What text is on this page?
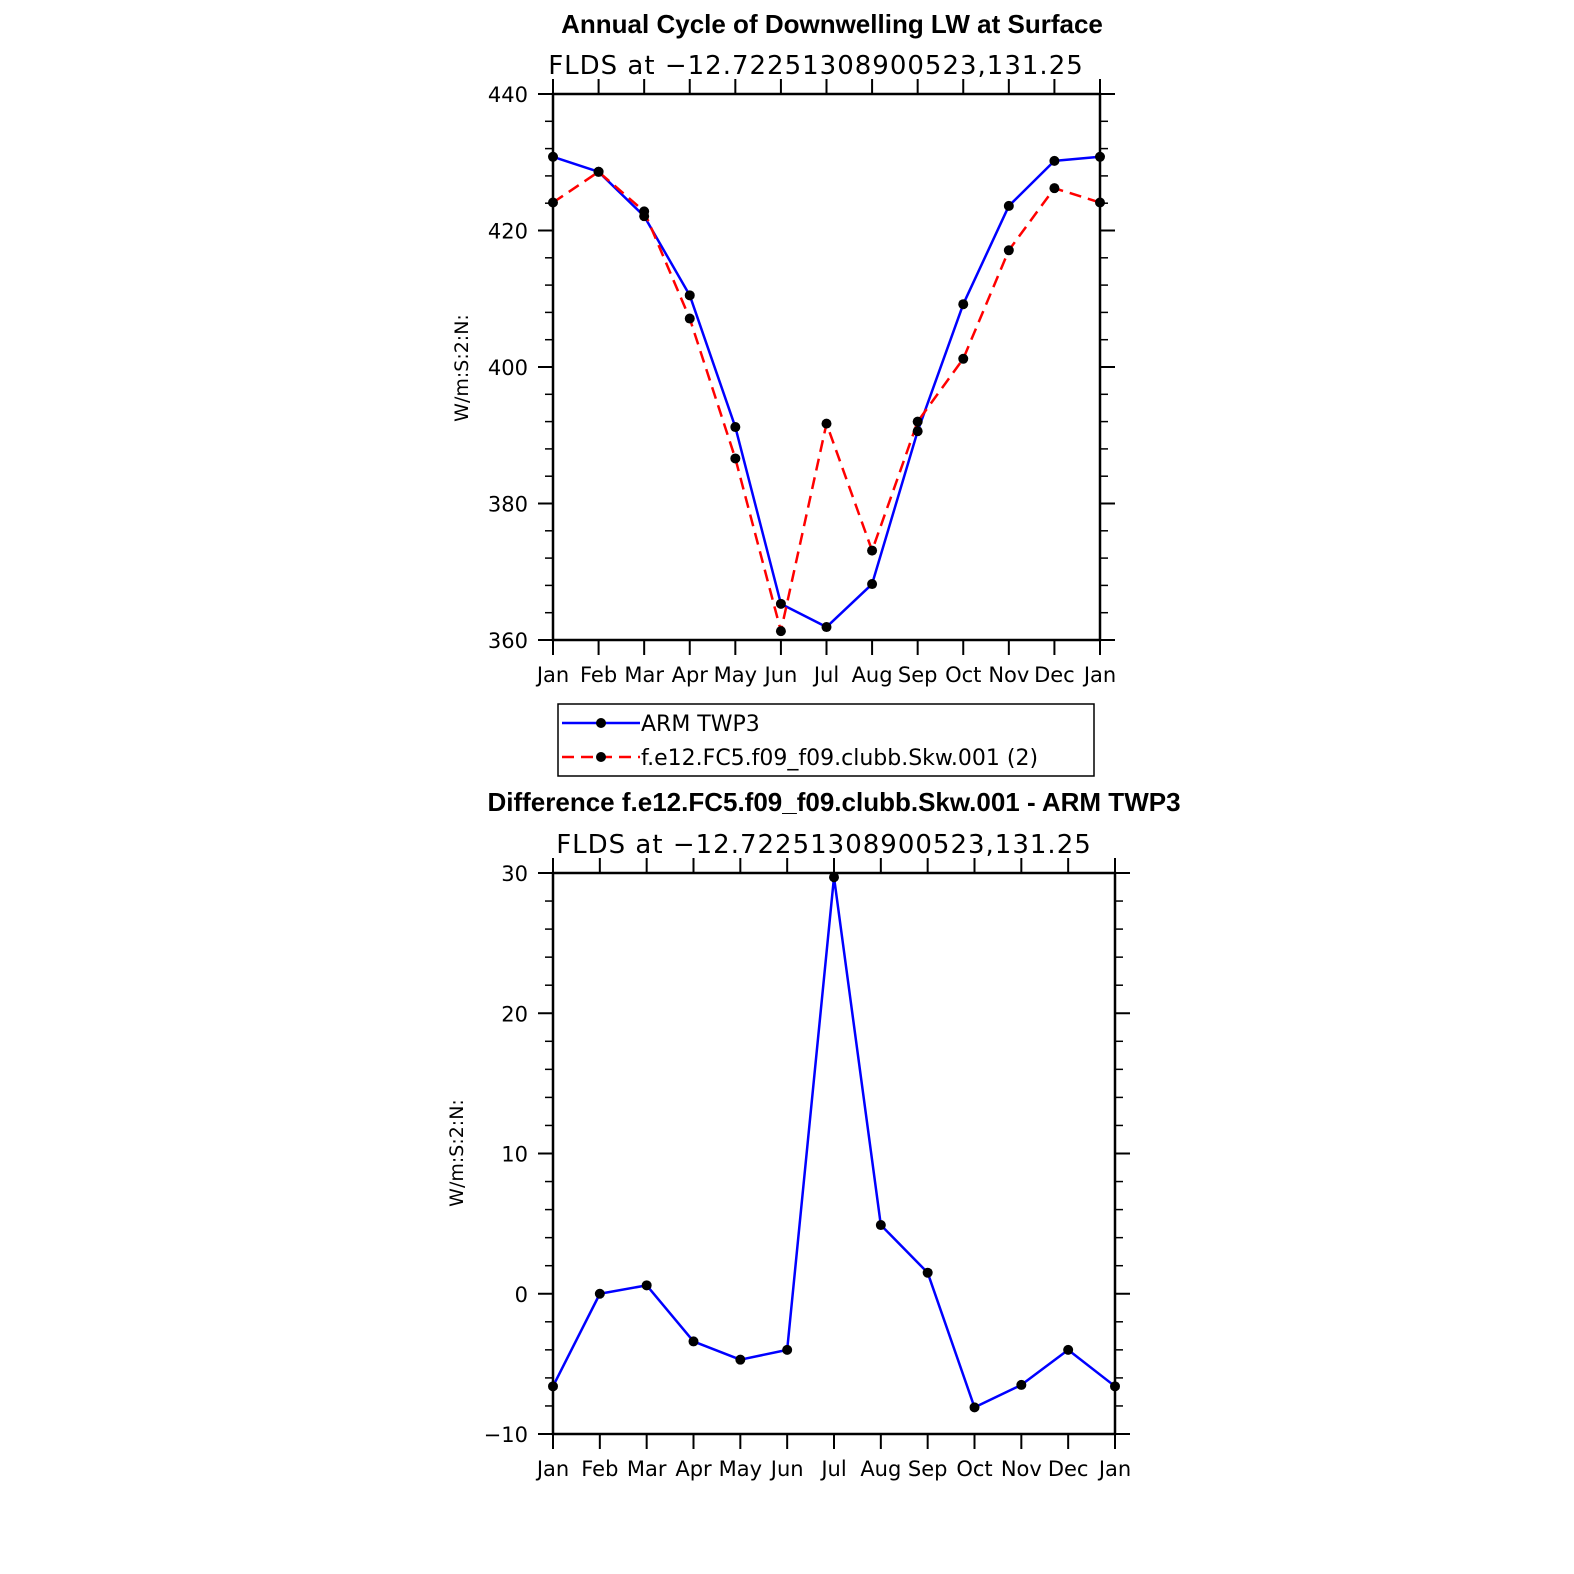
Annual Cycle of Downwelling LW at Surface
FLDS at −12.72251308900523,131.25
W/m:S:2:N:
Jan Feb Mar Apr May Jun Jul Aug Sep Oct Nov Dec Jan
360
380
400
420
440
ARM TWP3
f.e12.FC5.f09_f09.clubb.Skw.001 (2)
Difference f.e12.FC5.f09_f09.clubb.Skw.001 - ARM TWP3
FLDS at −12.72251308900523,131.25
W/m:S:2:N:
Jan Feb Mar Apr May Jun Jul Aug Sep Oct Nov Dec Jan
−10
0
10
20
30
